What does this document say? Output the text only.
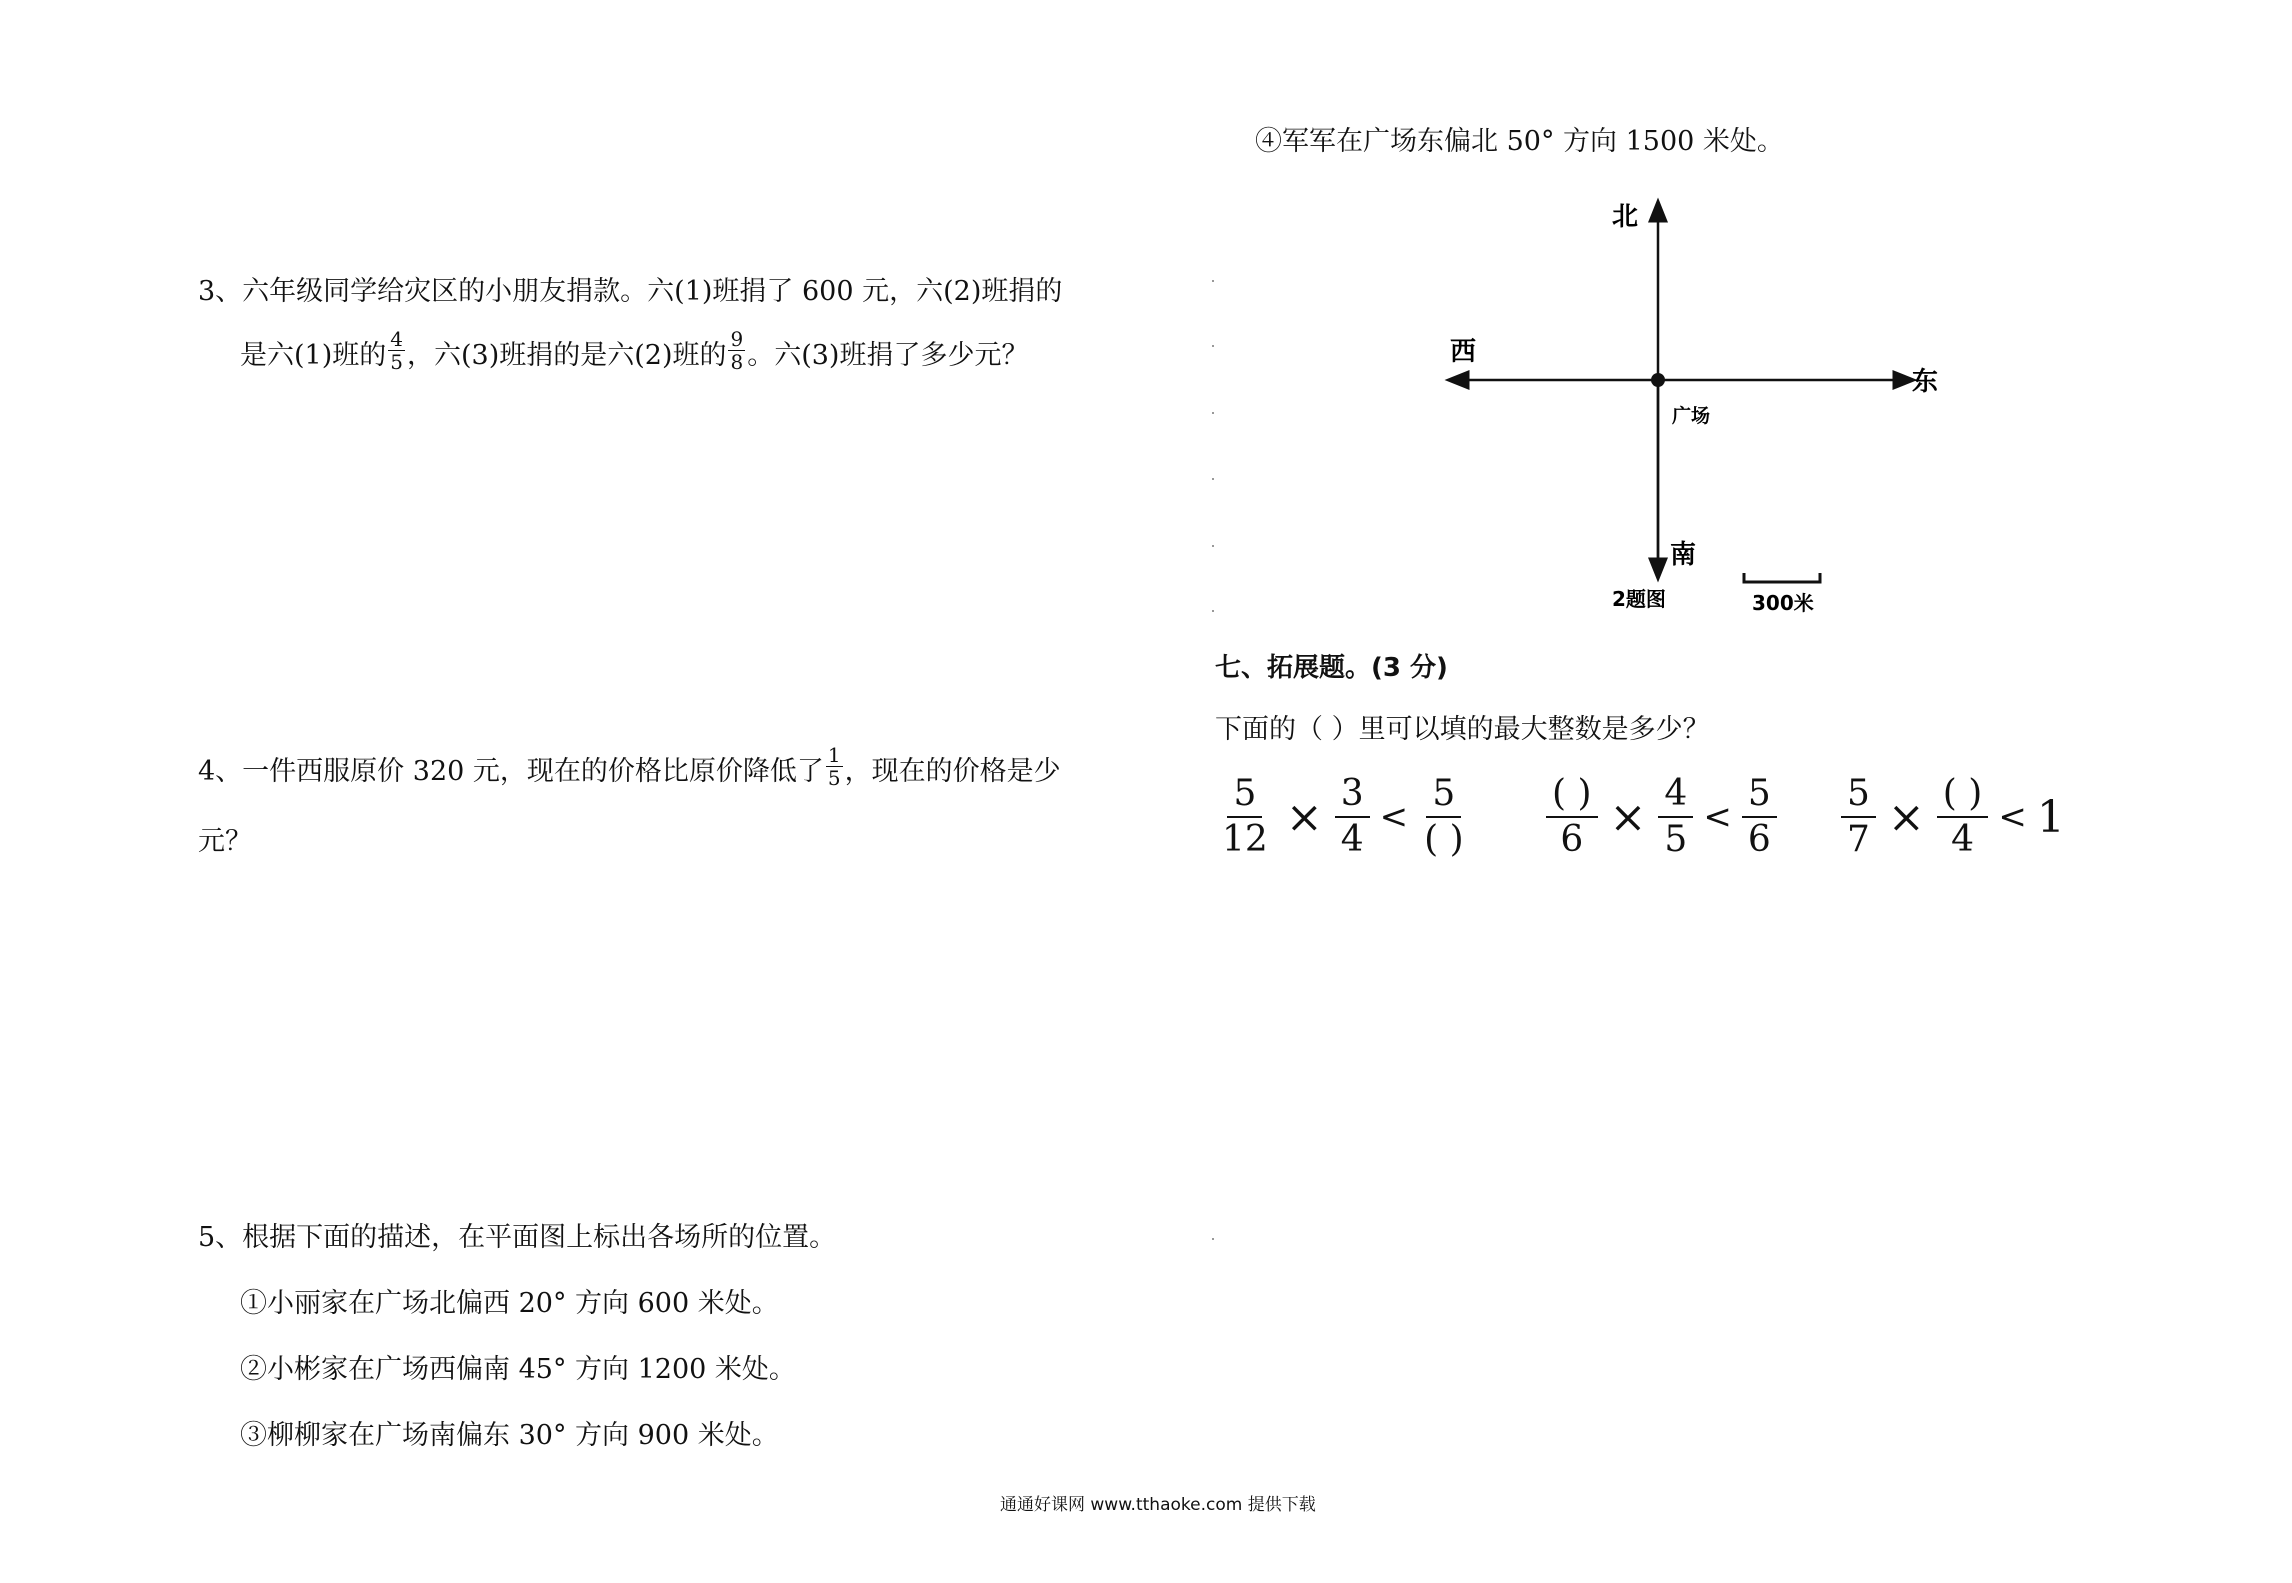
3、六年级同学给灾区的小朋友捐款。六(1)班捐了 600 元，六(2)班捐的
是六(1)班的 $\frac{4}{5}$ ，六(3)班捐的是六(2)班的 $\frac{9}{8}$ 。六(3)班捐了多少元？
4、一件西服原价 320 元，现在的价格比原价降低了 $\frac{1}{5}$ ，现在的价格是少
元？
5、根据下面的描述，在平面图上标出各场所的位置。
①小丽家在广场北偏西 20° 方向 600 米处。
②小彬家在广场西偏南 45° 方向 1200 米处。
③柳柳家在广场南偏东 30° 方向 900 米处。
④军军在广场东偏北 50° 方向 1500 米处。
北
南
东
西
广场
2题图	300米
七、拓展题。(3 分)
下面的（ ）里可以填的最大整数是多少？
$\frac{5}{12} \times \frac{3}{4} < \frac{5}{( )} \frac{( )}{6} \times \frac{4}{5} < \frac{5}{6} \frac{5}{7} \times \frac{( )}{4} < 1$
通通好课网 www.tthaoke.com 提供下载
